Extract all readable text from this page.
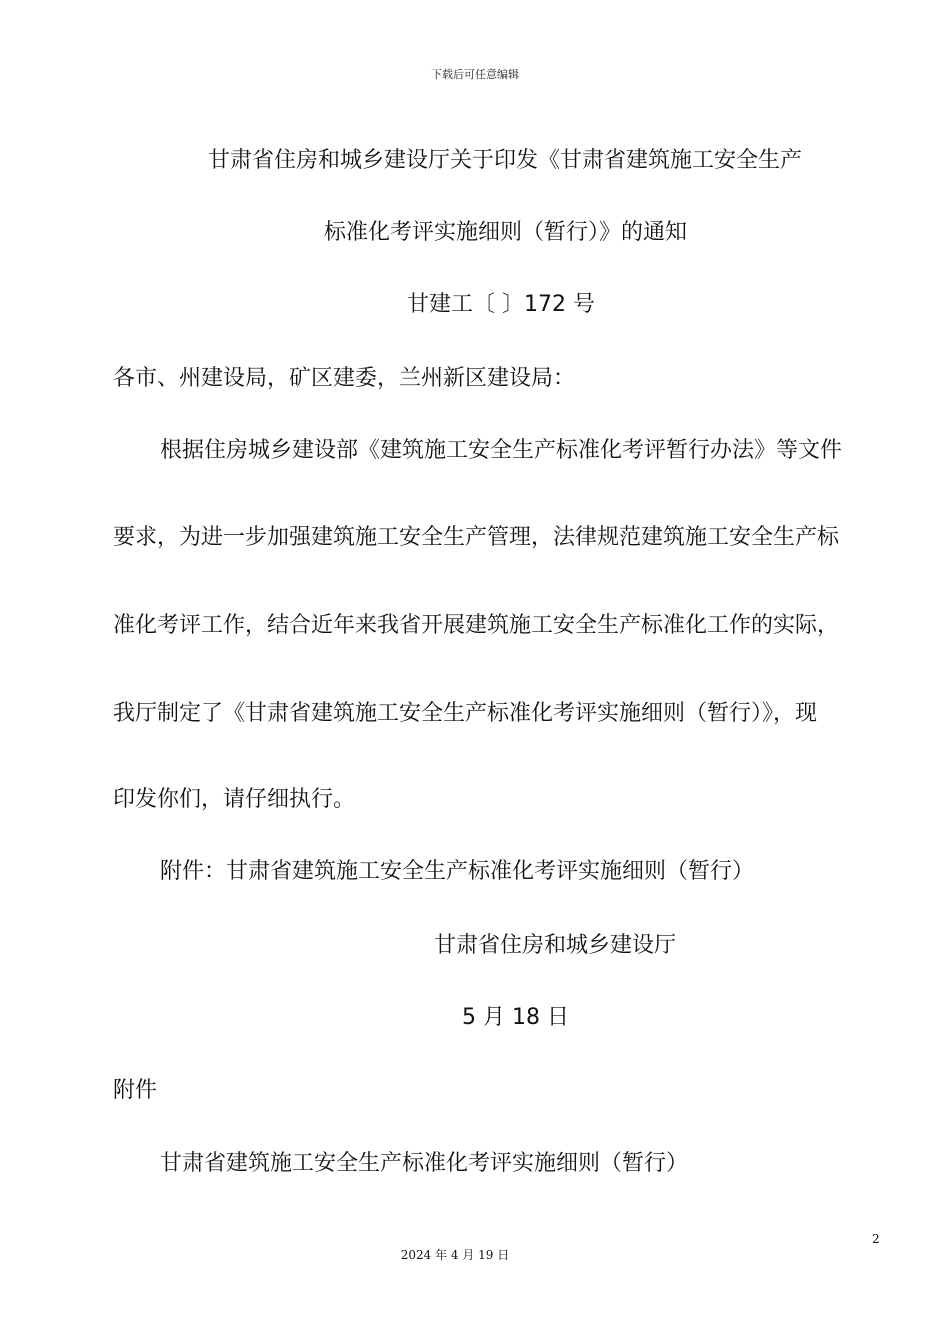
下载后可任意编辑
甘肃省住房和城乡建设厅关于印发《甘肃省建筑施工安全生产
标准化考评实施细则（暂行）》的通知
甘建工〔 〕172 号
各市、州建设局，矿区建委，兰州新区建设局：
根据住房城乡建设部《建筑施工安全生产标准化考评暂行办法》等文件
要求，为进一步加强建筑施工安全生产管理，法律规范建筑施工安全生产标
准化考评工作，结合近年来我省开展建筑施工安全生产标准化工作的实际，
我厅制定了《甘肃省建筑施工安全生产标准化考评实施细则（暂行）》，现
印发你们，请仔细执行。
附件：甘肃省建筑施工安全生产标准化考评实施细则（暂行）
甘肃省住房和城乡建设厅
5 月 18 日
附件
甘肃省建筑施工安全生产标准化考评实施细则（暂行）
2
2024 年 4 月 19 日
